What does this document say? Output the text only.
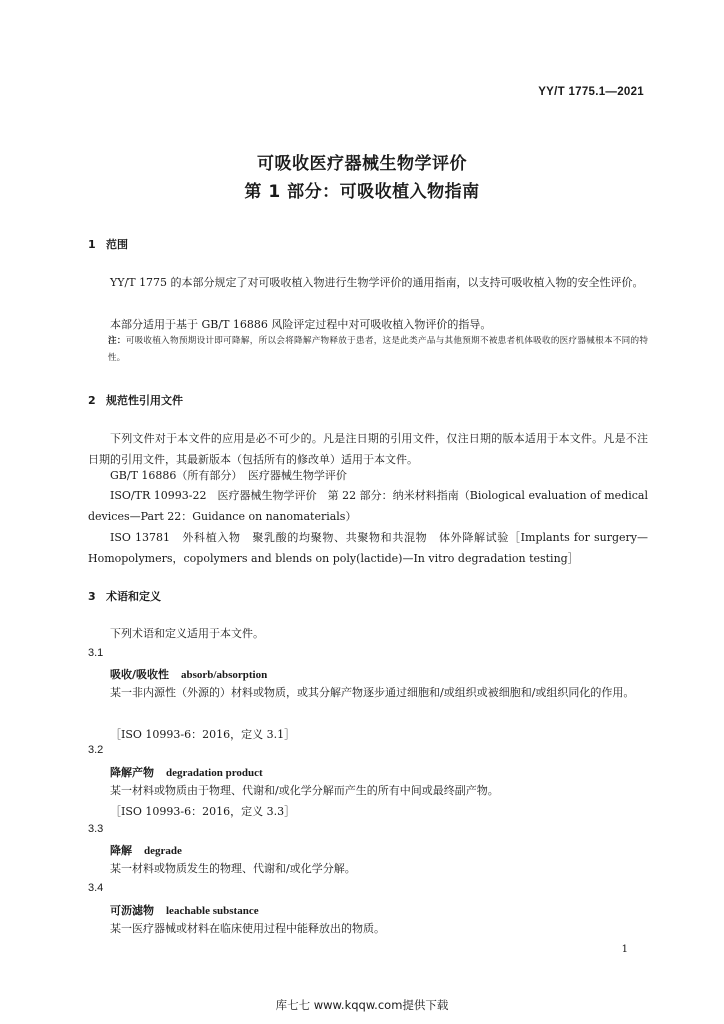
YY/T 1775.1—2021
可吸收医疗器械生物学评价
第 1 部分：可吸收植入物指南
1 范围
YY/T 1775 的本部分规定了对可吸收植入物进行生物学评价的通用指南，以支持可吸收植入物的安全性评价。
本部分适用于基于 GB/T 16886 风险评定过程中对可吸收植入物评价的指导。
注：可吸收植入物预期设计即可降解，所以会将降解产物释放于患者，这是此类产品与其他预期不被患者机体吸收的医疗器械根本不同的特性。
2 规范性引用文件
下列文件对于本文件的应用是必不可少的。凡是注日期的引用文件，仅注日期的版本适用于本文件。凡是不注日期的引用文件，其最新版本（包括所有的修改单）适用于本文件。
GB/T 16886（所有部分）　医疗器械生物学评价
ISO/TR 10993-22　医疗器械生物学评价　第 22 部分：纳米材料指南（Biological evaluation of medical devices—Part 22：Guidance on nanomaterials）
ISO 13781　外科植入物　聚乳酸的均聚物、共聚物和共混物　体外降解试验［Implants for surgery—Homopolymers，copolymers and blends on poly(lactide)—In vitro degradation testing］
3 术语和定义
下列术语和定义适用于本文件。
3.1
吸收/吸收性 absorb/absorption
某一非内源性（外源的）材料或物质，或其分解产物逐步通过细胞和/或组织或被细胞和/或组织同化的作用。
［ISO 10993-6：2016，定义 3.1］
3.2
降解产物 degradation product
某一材料或物质由于物理、代谢和/或化学分解而产生的所有中间或最终副产物。
［ISO 10993-6：2016，定义 3.3］
3.3
降解 degrade
某一材料或物质发生的物理、代谢和/或化学分解。
3.4
可沥滤物 leachable substance
某一医疗器械或材料在临床使用过程中能释放出的物质。
1
库七七 www.kqqw.com提供下载
